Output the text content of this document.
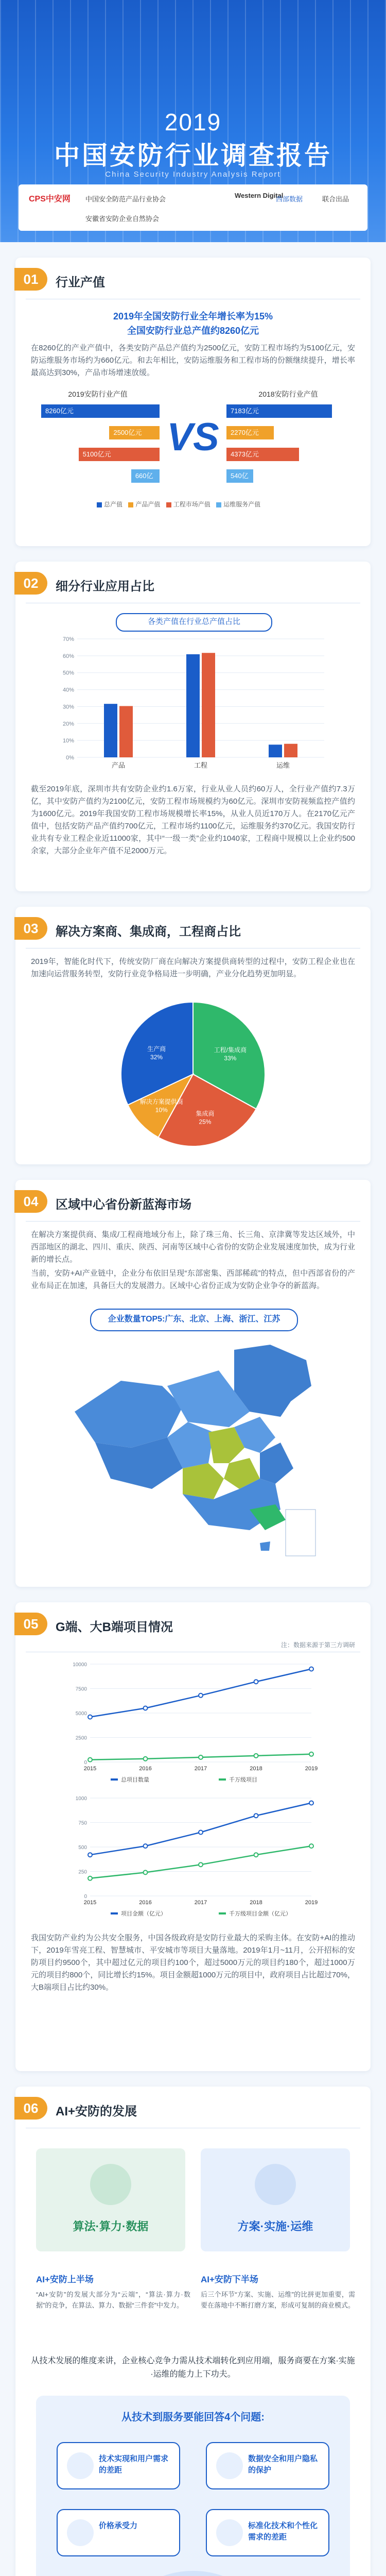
2019
中国安防行业调查报告
China Security Industry Analysis Report
CPS中安网 中国安全防范产品行业协会	Western Digital
西部数据	联合出品
安徽省安防企业自然协会
01	行业产值
2019年全国安防行业全年增长率为15%
全国安防行业总产值约8260亿元
在8260亿的产业产值中，各类安防产品总产值约为2500亿元，安防工程市场约为5100亿元，安防运维服务市场约为660亿元。和去年相比，安防运维服务和工程市场的份额继续提升，增长率最高达到30%，产品市场增速放缓。
2019安防行业产值	2018安防行业产值
VS
总产值 产品产值 工程市场产值 运维服务产值
8260亿元
2500亿元
5100亿元
660亿元
7183亿元
2270亿元
4373亿元
540亿元
02	细分行业应用占比
各类产值在行业总产值占比
0%
10%
20%
30%
40%
50%
60%
70%
产品	工程	运维
截至2019年底，深圳市共有安防企业约1.6万家，行业从业人员约60万人，全行业产值约7.3万亿，其中安防产值约为2100亿元，安防工程市场规模约为60亿元。深圳市安防视频监控产值约为1600亿元。2019年我国安防工程市场规模增长率15%，从业人员近170万人。在2170亿元产值中，包括安防产品产值约700亿元，工程市场约1100亿元，运维服务约370亿元。我国安防行业共有专业工程企业近11000家，其中“一级一类”企业约1040家，工程商中规模以上企业约500余家，大部分企业年产值不足2000万元。
03	解决方案商、集成商，工程商占比
2019年，智能化时代下，传统安防厂商在向解决方案提供商转型的过程中，安防工程企业也在加速向运营服务转型，安防行业竞争格局进一步明确，产业分化趋势更加明显。
工程/集成商
33%
集成商
25%
解决方案提供商
10%
生产商
32%
04	区域中心省份新蓝海市场
在解决方案提供商、集成/工程商地域分布上，除了珠三角、长三角、京津冀等发达区域外，中西部地区的湖北、四川、重庆、陕西、河南等区域中心省份的安防企业发展速度加快，成为行业新的增长点。
当前，安防+AI产业链中，企业分布依旧呈现“东部密集、西部稀疏”的特点，但中西部省份的产业布局正在加速，具备巨大的发展潜力。区域中心省份正成为安防企业争夺的新蓝海。
企业数量TOP5:广东、北京、上海、浙江、江苏
05	G端、大B端项目情况
注：数据来源于第三方调研
0
2500
5000
7500
10000
2015	2016	2017	2018	2019
总项目数量	千万级项目
0
250
500
750
1000
2015	2016	2017	2018	2019
项目金额（亿元）	千万级项目金额（亿元）
我国安防产业约为公共安全服务，中国各级政府是安防行业最大的采购主体。在安防+AI的推动下，2019年雪亮工程、智慧城市、平安城市等项目大量落地。2019年1月~11月，公开招标的安防项目约9500个，其中超过亿元的项目约100个，超过5000万元的项目约180个，超过1000万元的项目约800个，同比增长约15%。项目金额超1000万元的项目中，政府项目占比超过70%，大B端项目占比约30%。
06	AI+安防的发展
算法·算力·数据	方案·实施·运维
AI+安防上半场
“AI+安防”的发展大部分为“云端”，“算法·算力·数据”的竞争，在算法、算力、数据“三件套”中发力。
AI+安防下半场
后三个环节“方案、实施、运维”的比拼更加重要，需要在落地中不断打磨方案，形成可复制的商业模式。
从技术发展的维度来讲，企业核心竞争力需从技术端转化到应用端，服务商要在方案·实施·运维的能力上下功夫。
从技术到服务要能回答4个问题:
技术实现和用户需求的差距
数据安全和用户隐私的保护
价格承受力	标准化技术和个性化需求的差距
